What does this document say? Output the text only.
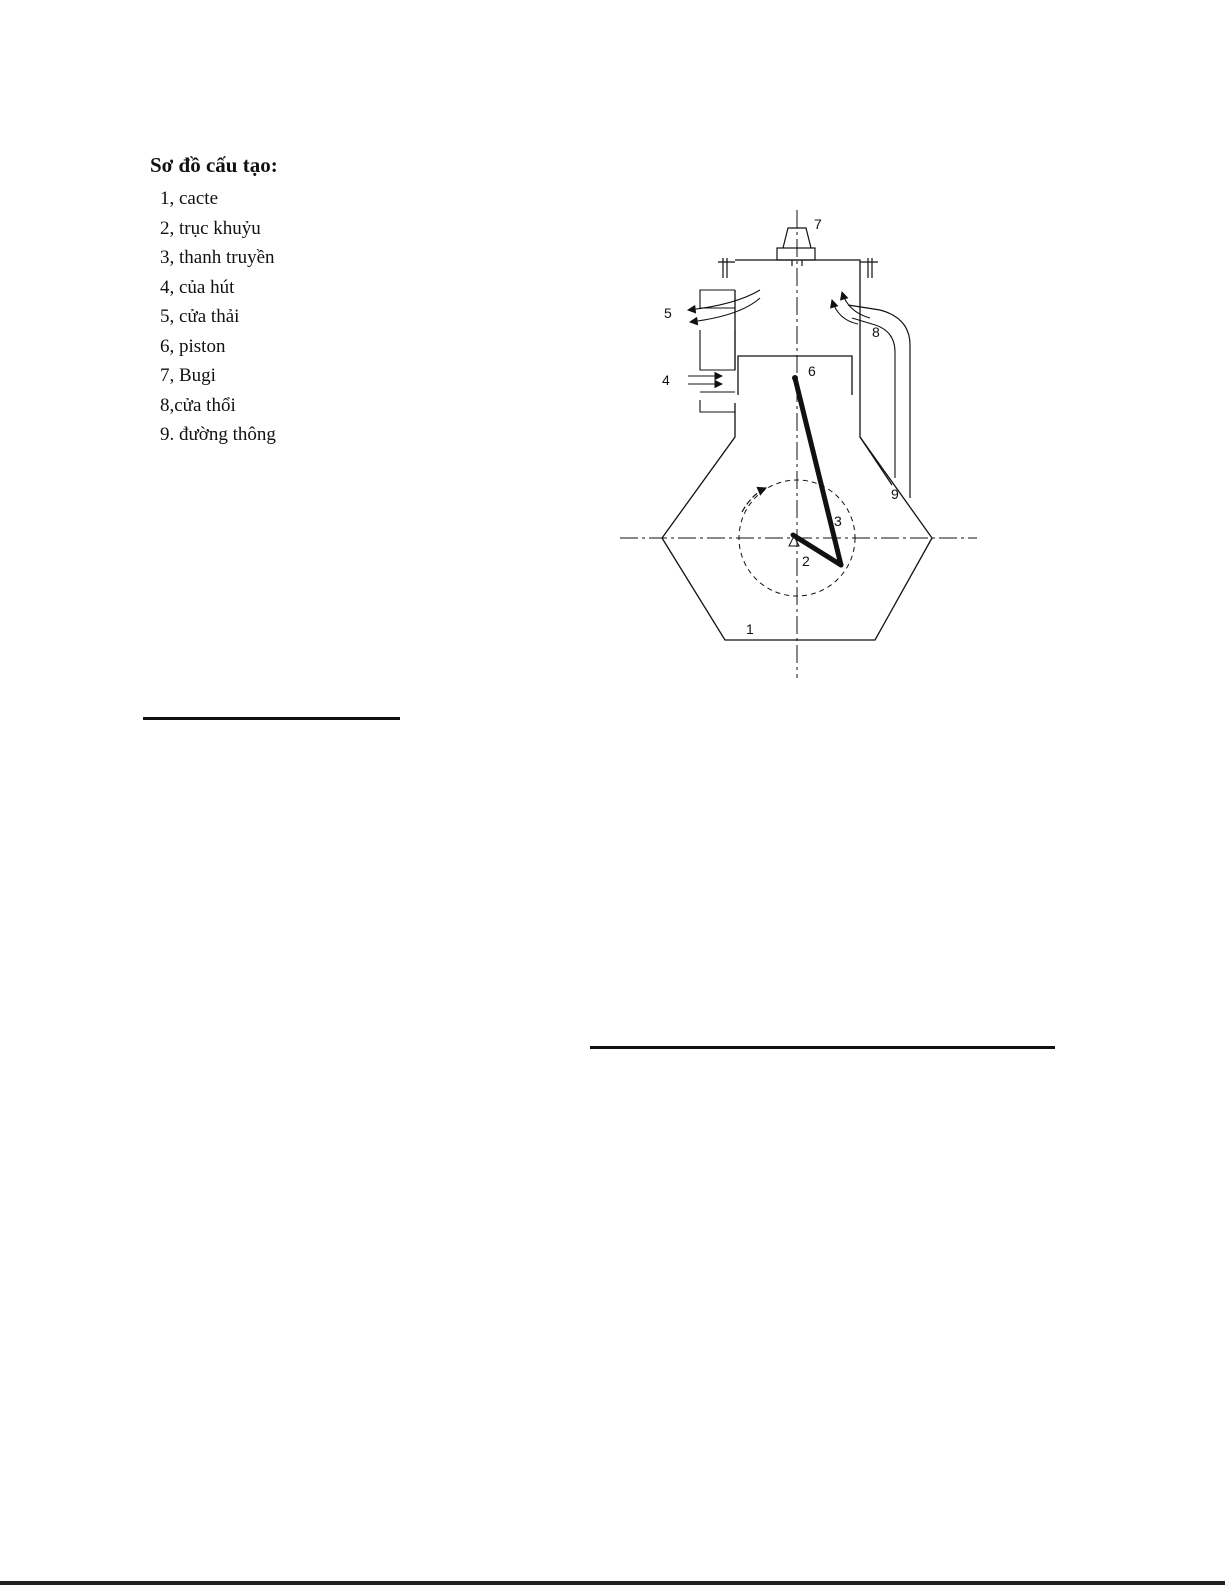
Sơ đồ cấu tạo:
1, cacte
2, trục khuỷu
3, thanh truyền
4, củа hút
5, cửa thải
6, piston
7, Bugi
8,cửa thổi
9. đường thông
1
2
3
4
5
6
7
8
9
